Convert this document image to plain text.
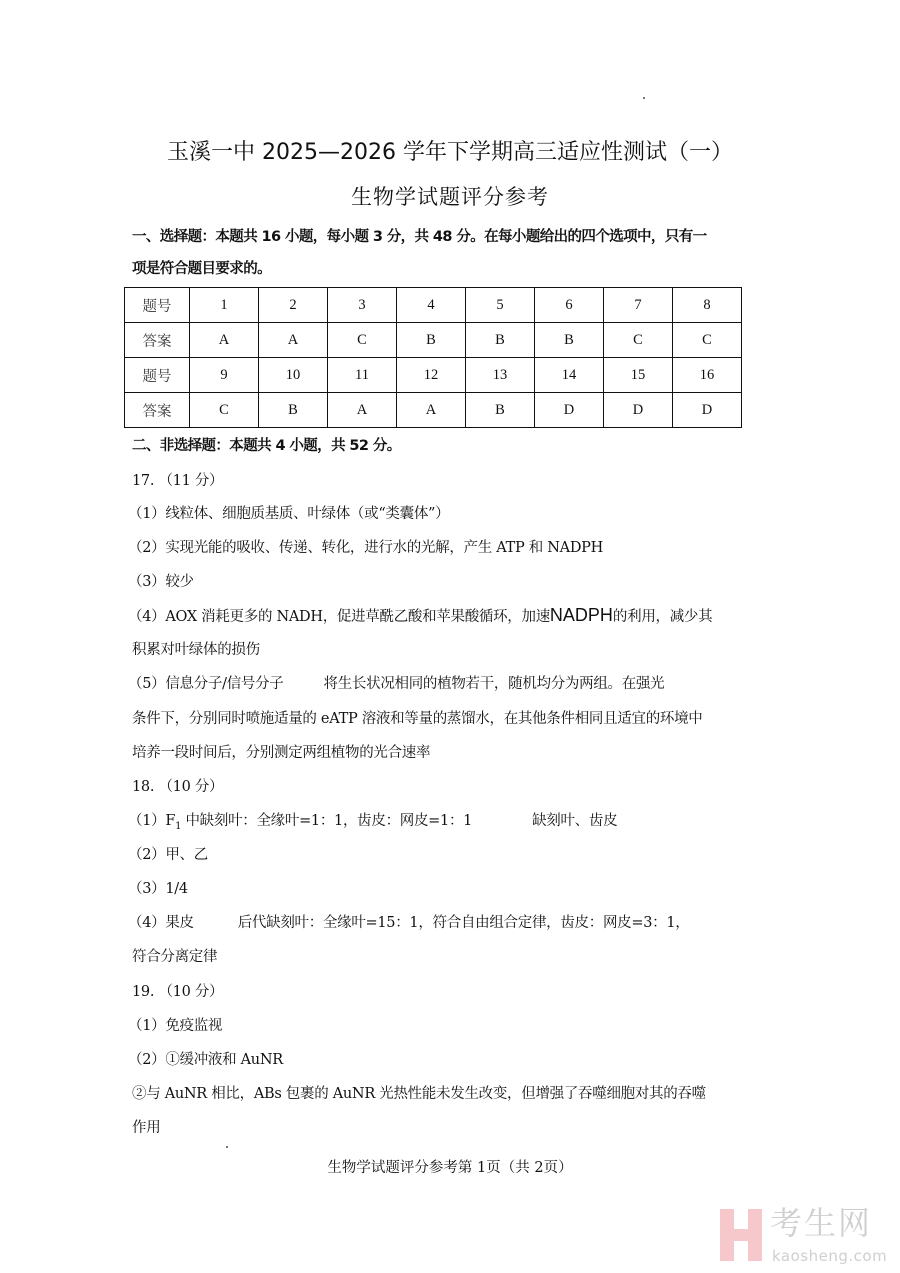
玉溪一中 2025—2026 学年下学期高三适应性测试（一）
生物学试题评分参考
一、选择题：本题共 16 小题，每小题 3 分，共 48 分。在每小题给出的四个选项中，只有一
项是符合题目要求的。
题号	1	2	3	4	5	6	7	8
答案	A	A	C	B	B	B	C	C
题号	9	10	11	12	13	14	15	16
答案	C	B	A	A	B	D	D	D
二、非选择题：本题共 4 小题，共 52 分。
17. （11 分）
（1）线粒体、细胞质基质、叶绿体（或“类囊体”）
（2）实现光能的吸收、传递、转化，进行水的光解，产生 ATP 和 NADPH
（3）较少
（4）AOX 消耗更多的 NADH，促进草酰乙酸和苹果酸循环，加速NADPH的利用，减少其
积累对叶绿体的损伤
（5）信息分子/信号分子	将生长状况相同的植物若干，随机均分为两组。在强光
条件下，分别同时喷施适量的 eATP 溶液和等量的蒸馏水，在其他条件相同且适宜的环境中
培养一段时间后，分别测定两组植物的光合速率
18. （10 分）
$(1)F_1$ 中缺刻叶：全缘叶=1：1，齿皮：网皮=1：1	缺刻叶、齿皮
（2）甲、乙
（3）1/4
（4）果皮	后代缺刻叶：全缘叶=15：1，符合自由组合定律，齿皮：网皮=3：1，
符合分离定律
19. （10 分）
（1）免疫监视
（2）①缓冲液和 AuNR
②与 AuNR 相比，ABs 包裹的 AuNR 光热性能未发生改变，但增强了吞噬细胞对其的吞噬
作用
生物学试题评分参考第 1页（共 2页）
考生网
kaosheng.com
